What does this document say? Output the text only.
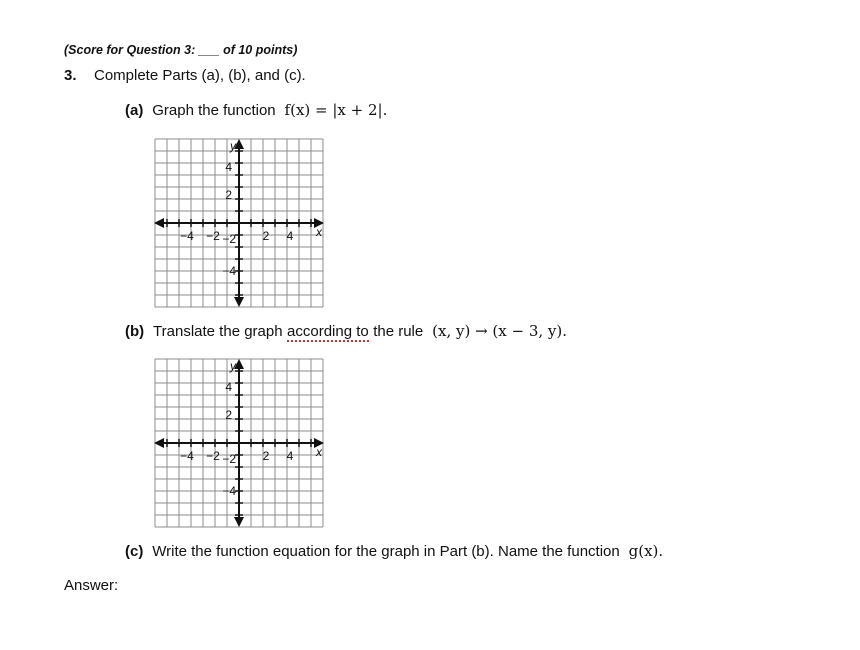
(Score for Question 3: ___ of 10 points)
3. Complete Parts (a), (b), and (c).
(a) Graph the function f(x) = |x + 2|.
−4 −2	2 4
4
2
−2
−4
y
x
(b) Translate the graph according to the rule (x, y) → (x − 3, y).
−4 −2	2 4
4
2
−2
−4
y
x
(c) Write the function equation for the graph in Part (b). Name the function g(x).
Answer:
